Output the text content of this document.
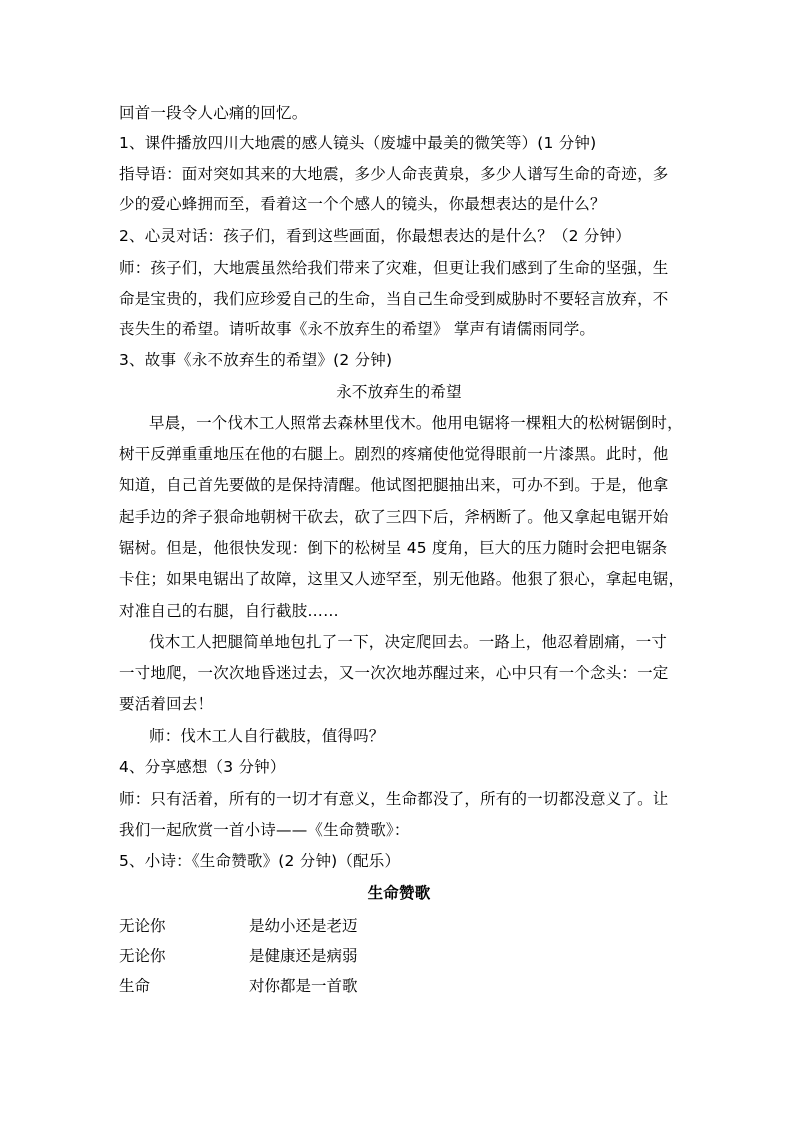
回首一段令人心痛的回忆。
1、课件播放四川大地震的感人镜头（废墟中最美的微笑等）(1 分钟)
指导语：面对突如其来的大地震，多少人命丧黄泉，多少人谱写生命的奇迹，多
少的爱心蜂拥而至，看着这一个个感人的镜头，你最想表达的是什么？
2、心灵对话：孩子们，看到这些画面，你最想表达的是什么？（2 分钟）
师：孩子们，大地震虽然给我们带来了灾难，但更让我们感到了生命的坚强，生
命是宝贵的，我们应珍爱自己的生命，当自己生命受到威胁时不要轻言放弃，不
丧失生的希望。请听故事《永不放弃生的希望》 掌声有请儒雨同学。
3、故事《永不放弃生的希望》(2 分钟)
永不放弃生的希望
早晨，一个伐木工人照常去森林里伐木。他用电锯将一棵粗大的松树锯倒时，
树干反弹重重地压在他的右腿上。剧烈的疼痛使他觉得眼前一片漆黑。此时，他
知道，自己首先要做的是保持清醒。他试图把腿抽出来，可办不到。于是，他拿
起手边的斧子狠命地朝树干砍去，砍了三四下后，斧柄断了。他又拿起电锯开始
锯树。但是，他很快发现：倒下的松树呈 45 度角，巨大的压力随时会把电锯条
卡住；如果电锯出了故障，这里又人迹罕至，别无他路。他狠了狠心，拿起电锯，
对准自己的右腿，自行截肢……
伐木工人把腿简单地包扎了一下，决定爬回去。一路上，他忍着剧痛，一寸
一寸地爬，一次次地昏迷过去，又一次次地苏醒过来，心中只有一个念头：一定
要活着回去！
师：伐木工人自行截肢，值得吗？
4、分享感想（3 分钟）
师：只有活着，所有的一切才有意义，生命都没了，所有的一切都没意义了。让
我们一起欣赏一首小诗——《生命赞歌》：
5、小诗：《生命赞歌》(2 分钟)（配乐）
生命赞歌
无论你	是幼小还是老迈
无论你	是健康还是病弱
生命	对你都是一首歌
